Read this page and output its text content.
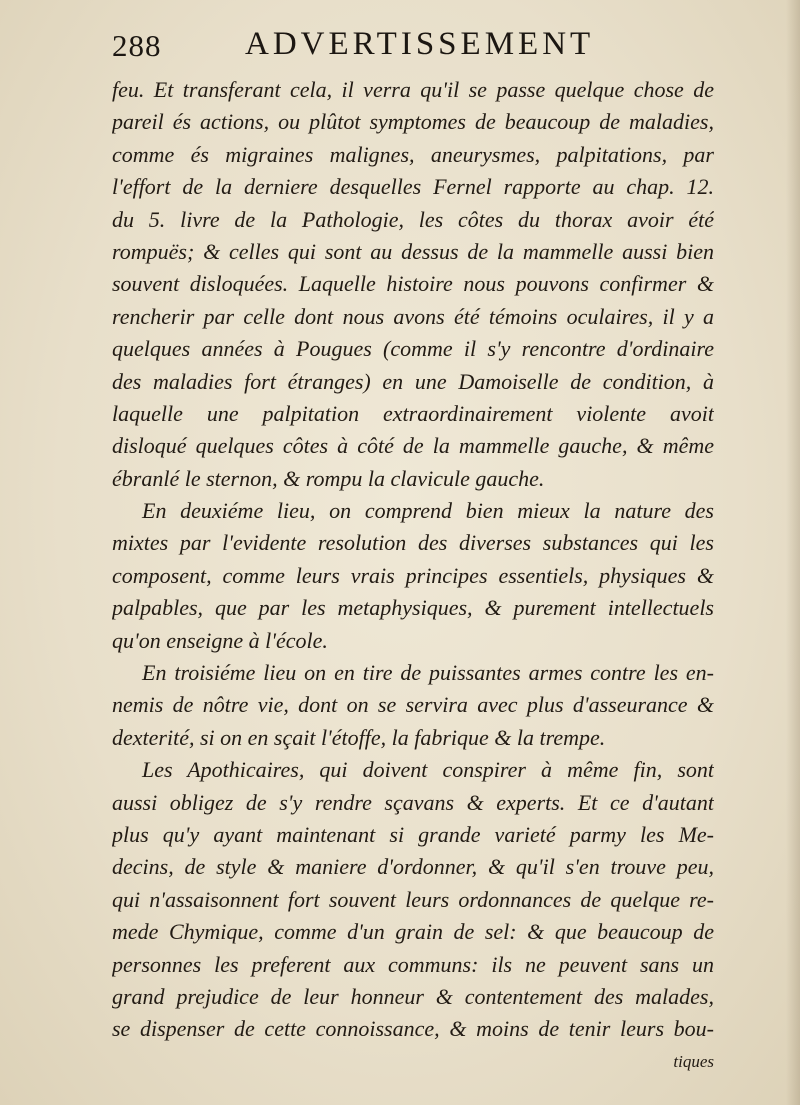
288	ADVERTISSEMENT
feu. Et transferant cela, il verra qu'il se passe quelque chose de
pareil és actions, ou plûtot symptomes de beaucoup de maladies,
comme és migraines malignes, aneurysmes, palpitations, par
l'effort de la derniere desquelles Fernel rapporte au chap. 12.
du 5. livre de la Pathologie, les côtes du thorax avoir été
rompuës; & celles qui sont au dessus de la mammelle aussi bien
souvent disloquées. Laquelle histoire nous pouvons confirmer &
rencherir par celle dont nous avons été témoins oculaires, il y a
quelques années à Pougues (comme il s'y rencontre d'ordinaire
des maladies fort étranges) en une Damoiselle de condition, à
laquelle une palpitation extraordinairement violente avoit
disloqué quelques côtes à côté de la mammelle gauche, & même
ébranlé le sternon, & rompu la clavicule gauche.
En deuxiéme lieu, on comprend bien mieux la nature des
mixtes par l'evidente resolution des diverses substances qui les
composent, comme leurs vrais principes essentiels, physiques &
palpables, que par les metaphysiques, & purement intellectuels
qu'on enseigne à l'école.
En troisiéme lieu on en tire de puissantes armes contre les en-
nemis de nôtre vie, dont on se servira avec plus d'asseurance &
dexterité, si on en sçait l'étoffe, la fabrique & la trempe.
Les Apothicaires, qui doivent conspirer à même fin, sont
aussi obligez de s'y rendre sçavans & experts. Et ce d'autant
plus qu'y ayant maintenant si grande varieté parmy les Me-
decins, de style & maniere d'ordonner, & qu'il s'en trouve peu,
qui n'assaisonnent fort souvent leurs ordonnances de quelque re-
mede Chymique, comme d'un grain de sel: & que beaucoup de
personnes les preferent aux communs: ils ne peuvent sans un
grand prejudice de leur honneur & contentement des malades,
se dispenser de cette connoissance, & moins de tenir leurs bou-
tiques
